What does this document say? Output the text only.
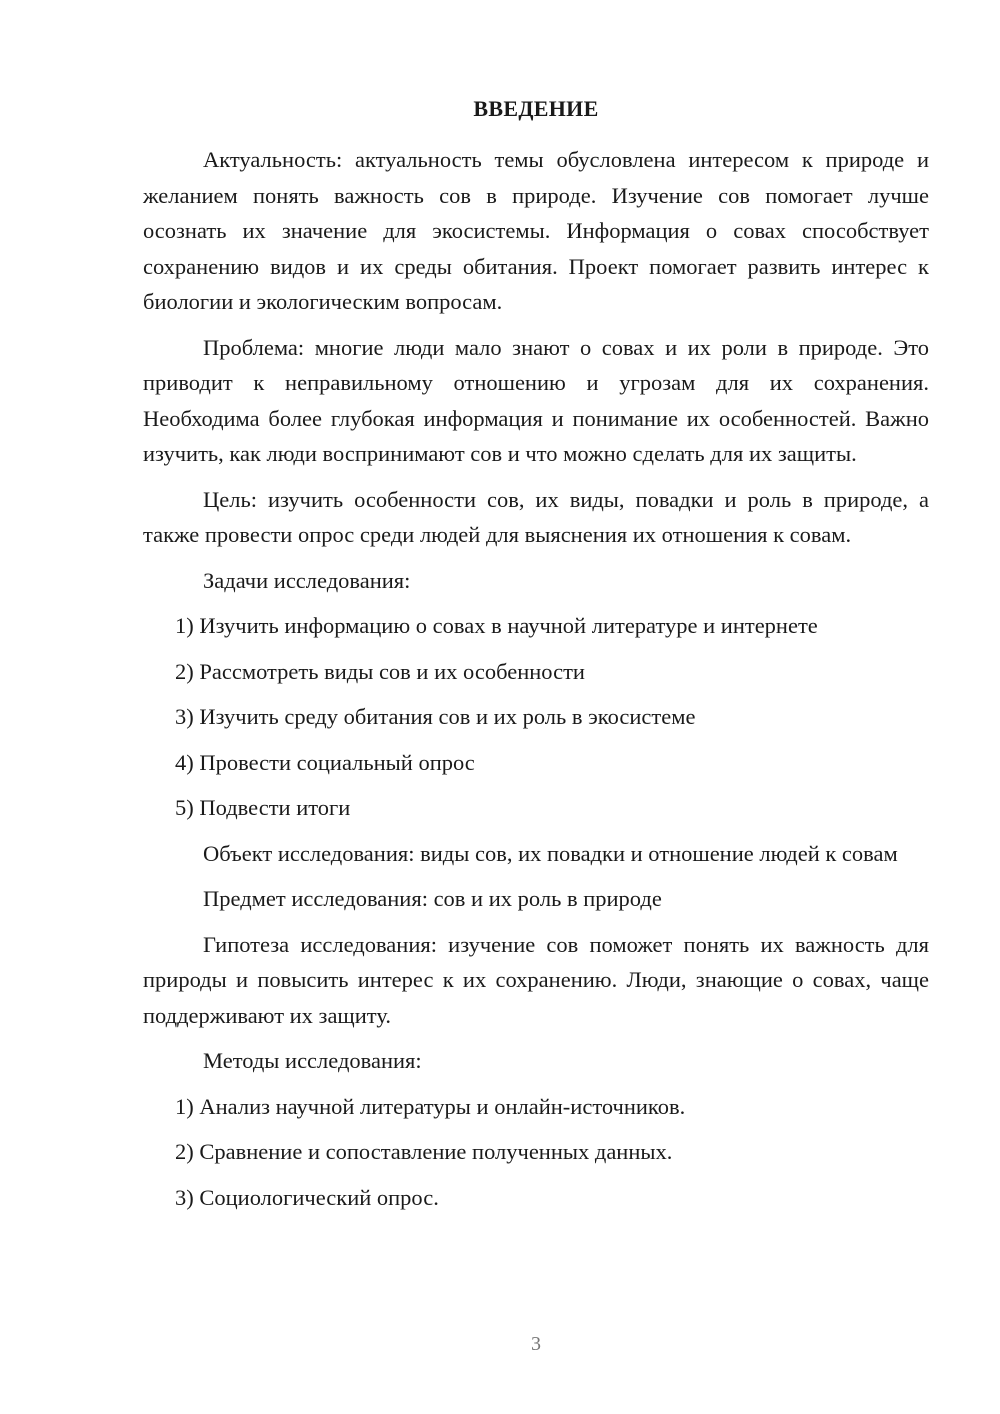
ВВЕДЕНИЕ

Актуальность: актуальность темы обусловлена интересом к природе и желанием понять важность сов в природе. Изучение сов помогает лучше осознать их значение для экосистемы. Информация о совах способствует сохранению видов и их среды обитания. Проект помогает развить интерес к биологии и экологическим вопросам.

Проблема: многие люди мало знают о совах и их роли в природе. Это приводит к неправильному отношению и угрозам для их сохранения. Необходима более глубокая информация и понимание их особенностей. Важно изучить, как люди воспринимают сов и что можно сделать для их защиты.

Цель: изучить особенности сов, их виды, повадки и роль в природе, а также провести опрос среди людей для выяснения их отношения к совам.

Задачи исследования:

1) Изучить информацию о совах в научной литературе и интернете
2) Рассмотреть виды сов и их особенности
3) Изучить среду обитания сов и их роль в экосистеме
4) Провести социальный опрос
5) Подвести итоги

Объект исследования: виды сов, их повадки и отношение людей к совам

Предмет исследования: сов и их роль в природе

Гипотеза исследования: изучение сов поможет понять их важность для природы и повысить интерес к их сохранению. Люди, знающие о совах, чаще поддерживают их защиту.

Методы исследования:

1) Анализ научной литературы и онлайн-источников.
2) Сравнение и сопоставление полученных данных.
3) Социологический опрос.
3
